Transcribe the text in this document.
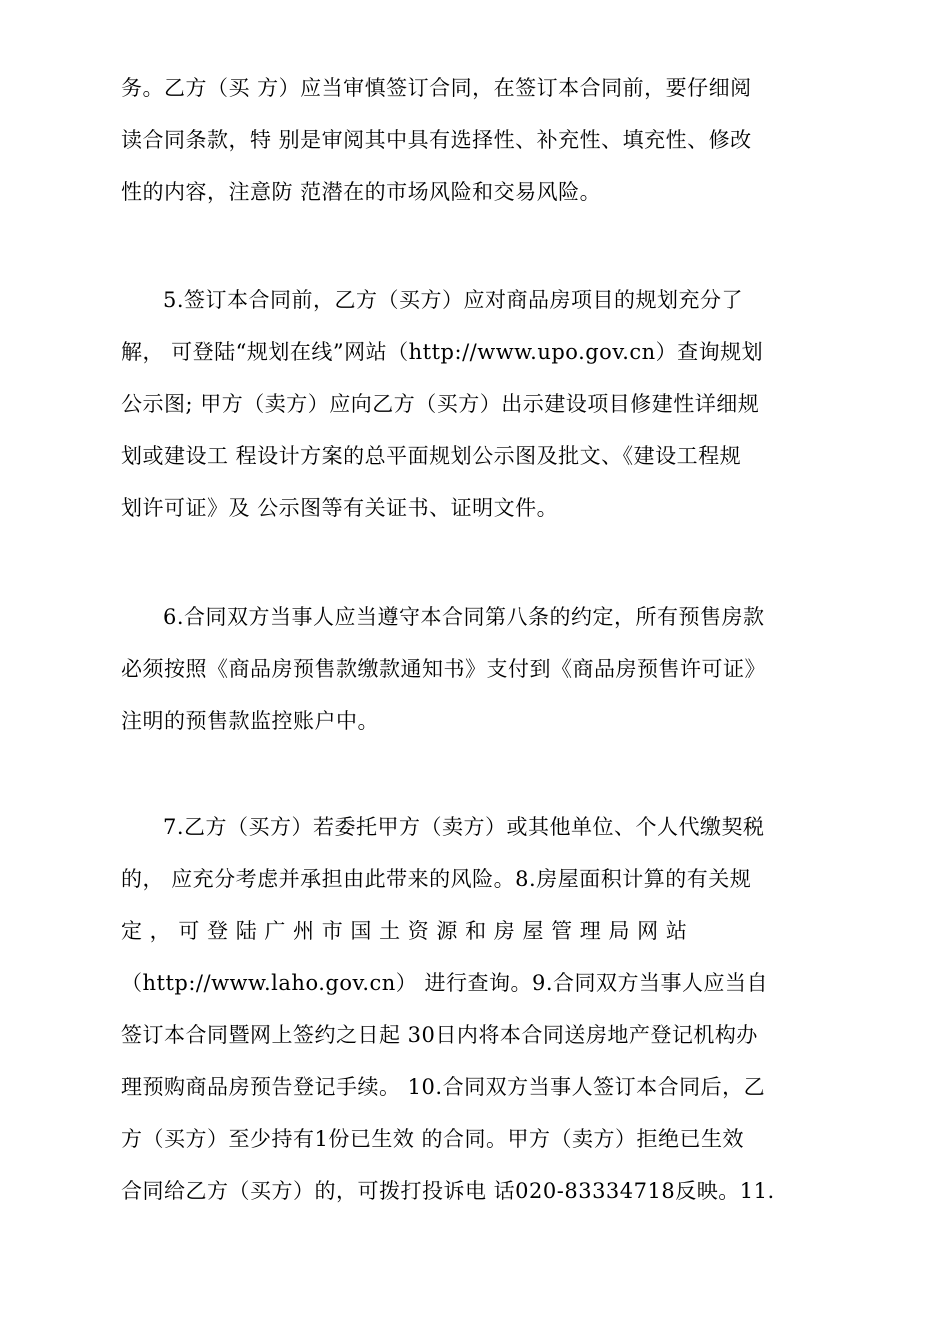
务。乙方（买 方）应当审慎签订合同，在签订本合同前，要仔细阅
读合同条款，特 别是审阅其中具有选择性、补充性、填充性、修改
性的内容，注意防 范潜在的市场风险和交易风险。
5.签订本合同前，乙方（买方）应对商品房项目的规划充分了
解， 可登陆“规划在线”网站（http://www.upo.gov.cn）查询规划
公示图; 甲方（卖方）应向乙方（买方）出示建设项目修建性详细规
划或建设工 程设计方案的总平面规划公示图及批文、《建设工程规
划许可证》及 公示图等有关证书、证明文件。
6.合同双方当事人应当遵守本合同第八条的约定，所有预售房款
必须按照《商品房预售款缴款通知书》支付到《商品房预售许可证》
注明的预售款监控账户中。
7.乙方（买方）若委托甲方（卖方）或其他单位、个人代缴契税
的， 应充分考虑并承担由此带来的风险。8.房屋面积计算的有关规
定 ， 可 登 陆 广 州 市 国 土 资 源 和 房 屋 管 理 局 网 站
（http://www.laho.gov.cn） 进行查询。9.合同双方当事人应当自
签订本合同暨网上签约之日起 30日内将本合同送房地产登记机构办
理预购商品房预告登记手续。 10.合同双方当事人签订本合同后，乙
方（买方）至少持有1份已生效 的合同。甲方（卖方）拒绝已生效
合同给乙方（买方）的，可拨打投诉电 话020-83334718反映。11.
